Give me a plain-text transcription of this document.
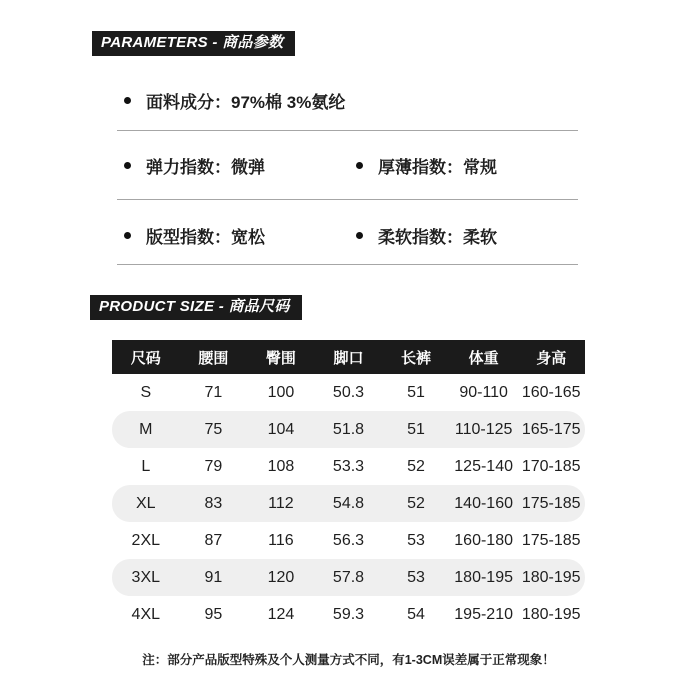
PARAMETERS - 商品参数
面料成分：97%棉 3%氨纶
弹力指数：微弹	厚薄指数：常规
版型指数：宽松	柔软指数：柔软
PRODUCT SIZE - 商品尺码
尺码	腰围	臀围	脚口	长裤	体重	身高
S	71	100	50.3	51	90-110 160-165
M	75	104	51.8	51	110-125 165-175
L	79	108	53.3	52	125-140 170-185
XL	83	112	54.8	52	140-160 175-185
2XL	87	116	56.3	53	160-180 175-185
3XL	91	120	57.8	53	180-195 180-195
4XL	95	124	59.3	54	195-210 180-195
注：部分产品版型特殊及个人测量方式不同，有1-3CM误差属于正常现象！
